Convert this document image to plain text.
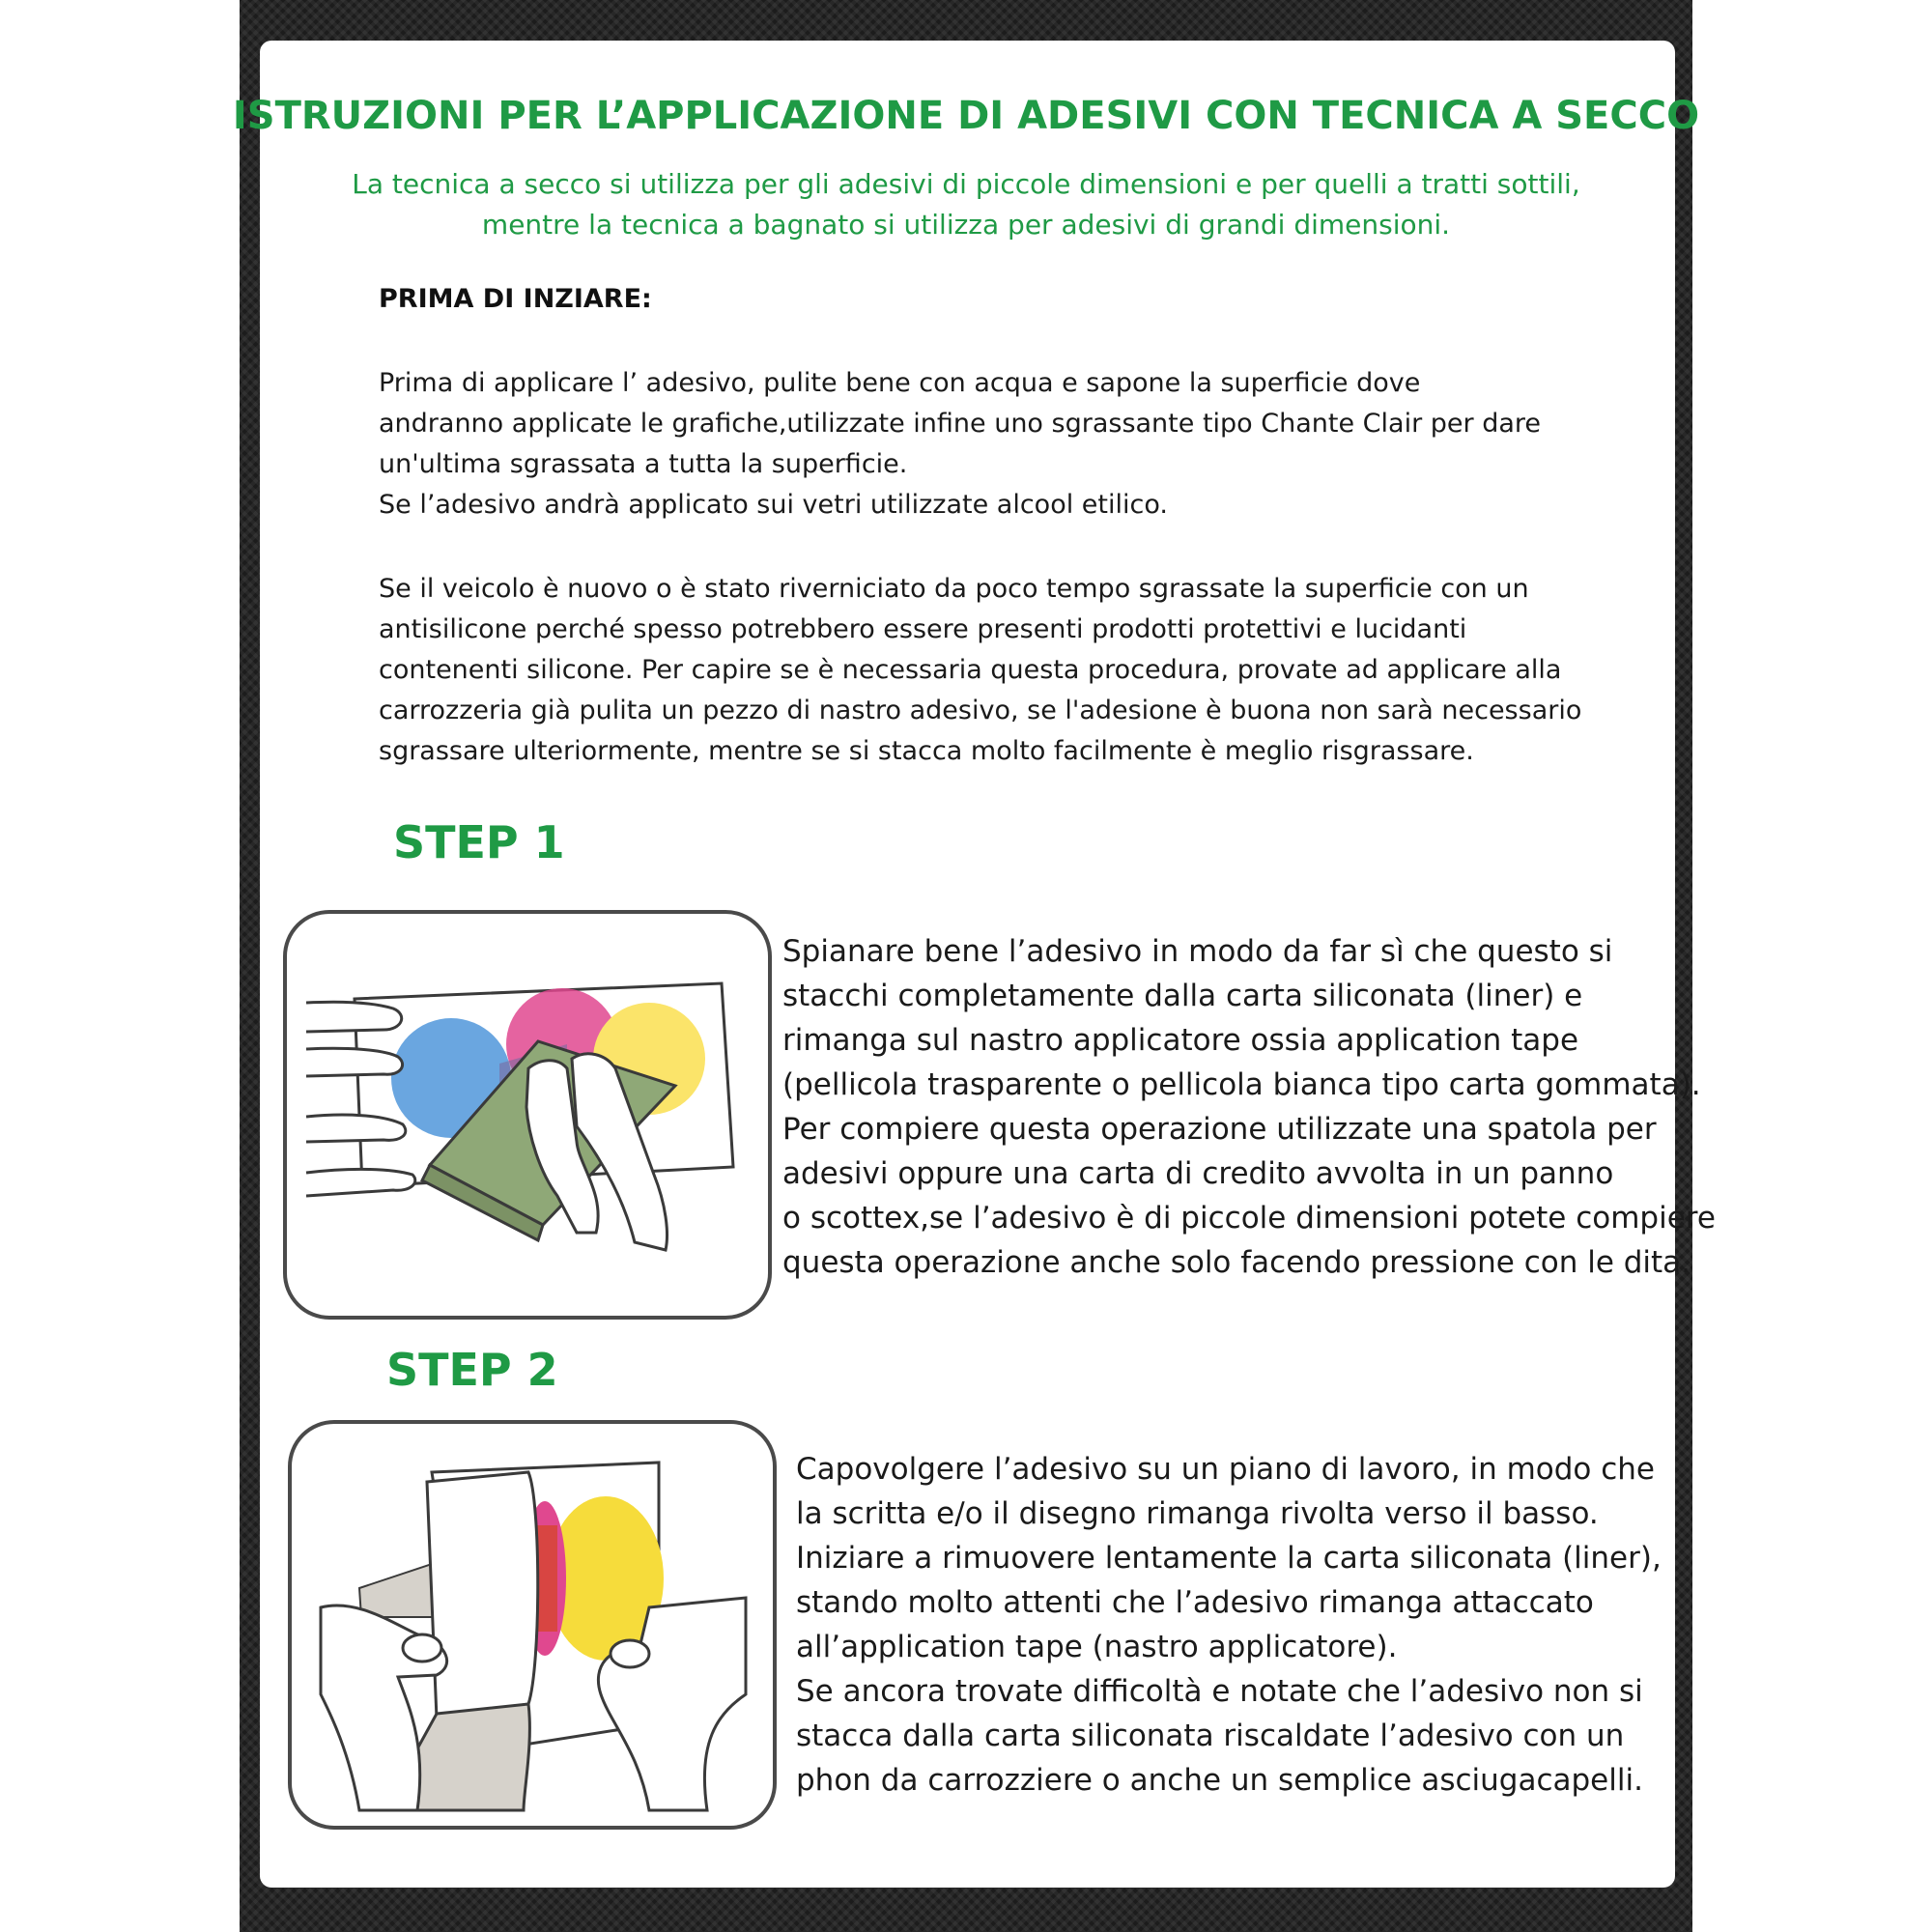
ISTRUZIONI PER L’APPLICAZIONE DI ADESIVI CON TECNICA A SECCO

La tecnica a secco si utilizza per gli adesivi di piccole dimensioni e per quelli a tratti sottili,
mentre la tecnica a bagnato si utilizza per adesivi di grandi dimensioni.

PRIMA DI INZIARE:

Prima di applicare l’ adesivo, pulite bene con acqua e sapone la superficie dove
andranno applicate le grafiche,utilizzate infine uno sgrassante tipo Chante Clair per dare
un'ultima sgrassata a tutta la superficie.
Se l’adesivo andrà applicato sui vetri utilizzate alcool etilico.

Se il veicolo è nuovo o è stato riverniciato da poco tempo sgrassate la superficie con un
antisilicone perché spesso potrebbero essere presenti prodotti protettivi e lucidanti
contenenti silicone. Per capire se è necessaria questa procedura, provate ad applicare alla
carrozzeria già pulita un pezzo di nastro adesivo, se l'adesione è buona non sarà necessario
sgrassare ulteriormente, mentre se si stacca molto facilmente è meglio risgrassare.

STEP 1

Spianare bene l’adesivo in modo da far sì che questo si
stacchi completamente dalla carta siliconata (liner) e
rimanga sul nastro applicatore ossia application tape
(pellicola trasparente o pellicola bianca tipo carta gommata).
Per compiere questa operazione utilizzate una spatola per
adesivi oppure una carta di credito avvolta in un panno
o scottex,se l’adesivo è di piccole dimensioni potete compiere
questa operazione anche solo facendo pressione con le dita.

STEP 2

Capovolgere l’adesivo su un piano di lavoro, in modo che
la scritta e/o il disegno rimanga rivolta verso il basso.
Iniziare a rimuovere lentamente la carta siliconata (liner),
stando molto attenti che l’adesivo rimanga attaccato
all’application tape (nastro applicatore).
Se ancora trovate difficoltà e notate che l’adesivo non si
stacca dalla carta siliconata riscaldate l’adesivo con un
phon da carrozziere o anche un semplice asciugacapelli.
